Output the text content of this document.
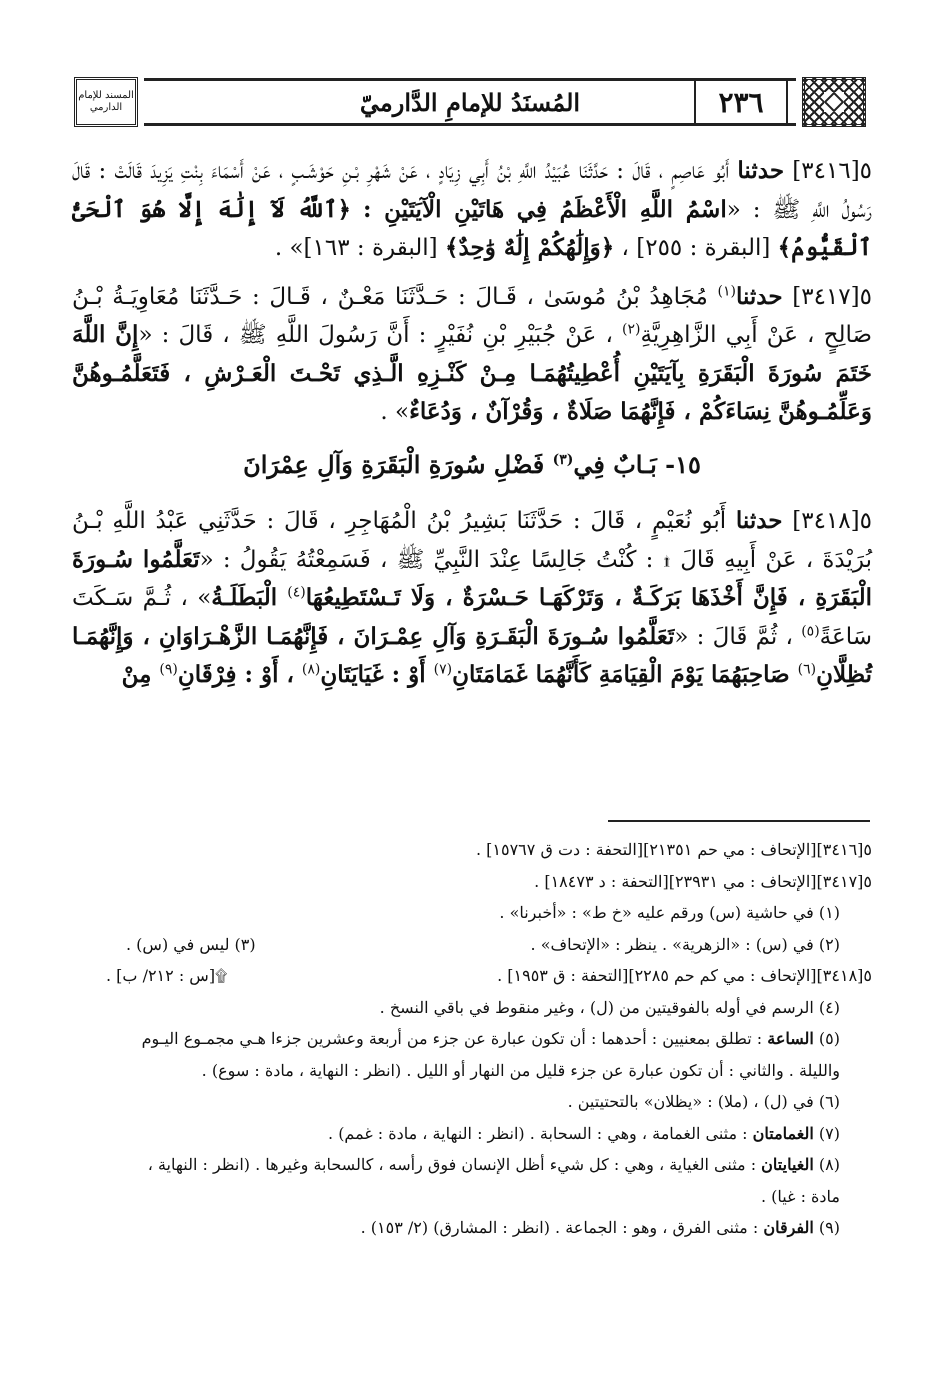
المسند للإمام الدارمي	المُسنَدُ للإمامِ الدَّارميّ	٢٣٦

٥[٣٤١٦] حدثنا أَبُو عَاصِمٍ ، قَالَ : حَدَّثَنَا عُبَيْدُ اللَّهِ بْنُ أَبِي زِيَادٍ ، عَنْ شَهْرِ بْـنِ حَوْشَـبٍ ، عَنْ أَسْمَاءَ بِنْتِ يَزِيدَ قَالَتْ : قَالَ رَسُولُ اللَّهِ ﷺ : «اسْمُ اللَّهِ الْأَعْظَمُ فِي هَاتَيْنِ الْآيَتَيْنِ : ﴿ٱللَّهُ لَآ إِلَٰهَ إِلَّا هُوَ ٱلْحَىُّ ٱلْقَيُّومُ﴾ [البقرة : ٢٥٥] ، ﴿وَإِلَٰهُكُمْ إِلَٰهٌ وَٰحِدٌ﴾ [البقرة : ١٦٣]» .

٥[٣٤١٧] حدثنا$^{(١)}$ مُجَاهِدُ بْنُ مُوسَىٰ ، قَـالَ : حَـدَّثَنَا مَعْـنٌ ، قَـالَ : حَـدَّثَنَا مُعَاوِيَـةُ بْـنُ صَالِحٍ ، عَنْ أَبِي الزَّاهِرِيَّةِ$^{(٢)}$ ، عَنْ جُبَيْرِ بْنِ نُفَيْرٍ : أَنَّ رَسُولَ اللَّهِ ﷺ ، قَالَ : «إِنَّ اللَّهَ خَتَمَ سُورَةَ الْبَقَرَةِ بِآيَتَيْنِ أُعْطِيتُهُمَـا مِـنْ كَنْـزِهِ الَّـذِي تَحْـتَ الْعَـرْشِ ، فَتَعَلَّمُـوهُنَّ وَعَلِّمُـوهُنَّ نِسَاءَكُمْ ، فَإِنَّهُمَا صَلَاةٌ ، وَقُرْآنٌ ، وَدُعَاءٌ» .

١٥- بَـابٌ فِي$^{(٣)}$ فَضْلِ سُورَةِ الْبَقَرَةِ وَآلِ عِمْرَانَ

٥[٣٤١٨] حدثنا أَبُو نُعَيْمٍ ، قَالَ : حَدَّثَنَا بَشِيرُ بْنُ الْمُهَاجِرِ ، قَالَ : حَدَّثَنِي عَبْدُ اللَّهِ بْـنُ بُرَيْدَةَ ، عَنْ أَبِيهِ قَالَ ۩ : كُنْتُ جَالِسًا عِنْدَ النَّبِيِّ ﷺ ، فَسَمِعْتُهُ يَقُولُ : «تَعَلَّمُوا سُـورَةَ الْبَقَرَةِ ، فَإِنَّ أَخْذَهَا بَرَكَـةٌ ، وَتَرْكَهَـا حَـسْرَةٌ ، وَلَا تَـسْتَطِيعُهَا$^{(٤)}$ الْبَطَلَـةُ» ، ثُـمَّ سَـكَتَ سَاعَةً$^{(٥)}$ ، ثُمَّ قَالَ : «تَعَلَّمُوا سُـورَةَ الْبَقَـرَةِ وَآلِ عِمْـرَانَ ، فَإِنَّهُمَـا الزَّهْـرَاوَانِ ، وَإِنَّهُمَـا تُظِلَّانِ$^{(٦)}$ صَاحِبَهُمَا يَوْمَ الْقِيَامَةِ كَأَنَّهُمَا غَمَامَتَانِ$^{(٧)}$ أَوْ : غَيَايَتَانِ$^{(٨)}$ ، أَوْ : فِرْقَانِ$^{(٩)}$ مِنْ

٥[٣٤١٦][الإتحاف : مي حم ٢١٣٥١][التحفة : دت ق ١٥٧٦٧] .
٥[٣٤١٧][الإتحاف : مي ٢٣٩٣١][التحفة : د ١٨٤٧٣] .
(١) في حاشية (س) ورقم عليه «خ ط» : «أخبرنا» .
(٢) في (س) : «الزهرية» . ينظر : «الإتحاف» .
(٣) ليس في (س) .
٥[٣٤١٨][الإتحاف : مي كم حم ٢٢٨٥][التحفة : ق ١٩٥٣] .
۩[س : ٢١٢/ ب] .
(٤) الرسم في أوله بالفوقيتين من (ل) ، وغير منقوط في باقي النسخ .
(٥) الساعة : تطلق بمعنيين : أحدهما : أن تكون عبارة عن جزء من أربعة وعشرين جزءا هـي مجمـوع اليـوم
والليلة . والثاني : أن تكون عبارة عن جزء قليل من النهار أو الليل . (انظر : النهاية ، مادة : سوع) .
(٦) في (ل) ، (ملا) : «يظلان» بالتحتيتين .
(٧) الغمامتان : مثنى الغمامة ، وهي : السحابة . (انظر : النهاية ، مادة : غمم) .
(٨) الغيايتان : مثنى الغياية ، وهي : كل شيء أظل الإنسان فوق رأسه ، كالسحابة وغيرها . (انظر : النهاية ،
مادة : غيا) .
(٩) الفرقان : مثنى الفرق ، وهو : الجماعة . (انظر : المشارق) (٢/ ١٥٣) .
